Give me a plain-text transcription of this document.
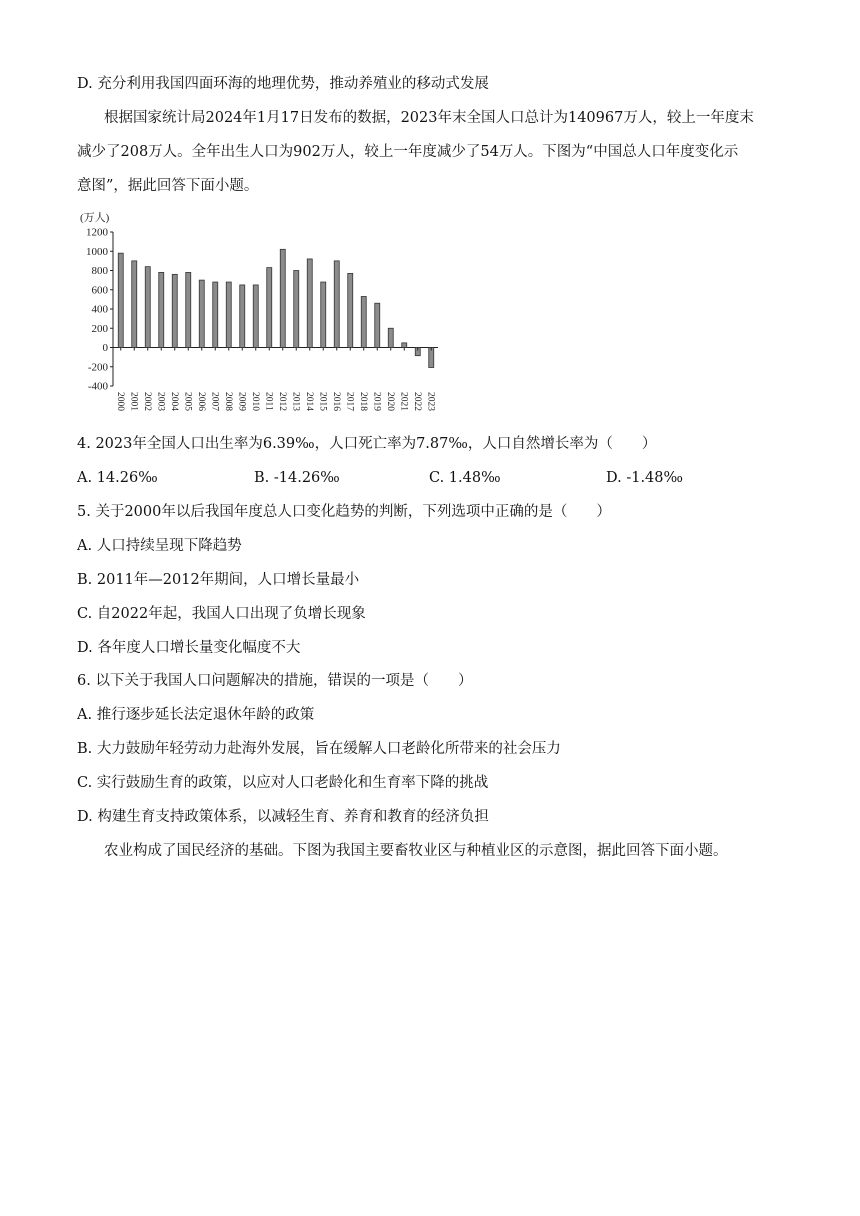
D. 充分利用我国四面环海的地理优势，推动养殖业的移动式发展
根据国家统计局2024年1月17日发布的数据，2023年末全国人口总计为140967万人，较上一年度末
减少了208万人。全年出生人口为902万人，较上一年度减少了54万人。下图为“中国总人口年度变化示
意图”，据此回答下面小题。
(万人)
1200
1000
800
600
400
200
0
-200
-400
2000 2001 2002 2003 2004 2005 2006 2007 2008 2009 2010 2011 2012 2013 2014 2015 2016 2017 2018 2019 2020 2021 2022 2023
4. 2023年全国人口出生率为6.39‰，人口死亡率为7.87‰，人口自然增长率为（　　）
A. 14.26‰	B. -14.26‰	C. 1.48‰	D. -1.48‰
5. 关于2000年以后我国年度总人口变化趋势的判断，下列选项中正确的是（　　）
A. 人口持续呈现下降趋势
B. 2011年—2012年期间，人口增长量最小
C. 自2022年起，我国人口出现了负增长现象
D. 各年度人口增长量变化幅度不大
6. 以下关于我国人口问题解决的措施，错误的一项是（　　）
A. 推行逐步延长法定退休年龄的政策
B. 大力鼓励年轻劳动力赴海外发展，旨在缓解人口老龄化所带来的社会压力
C. 实行鼓励生育的政策，以应对人口老龄化和生育率下降的挑战
D. 构建生育支持政策体系，以减轻生育、养育和教育的经济负担
农业构成了国民经济的基础。下图为我国主要畜牧业区与种植业区的示意图，据此回答下面小题。
